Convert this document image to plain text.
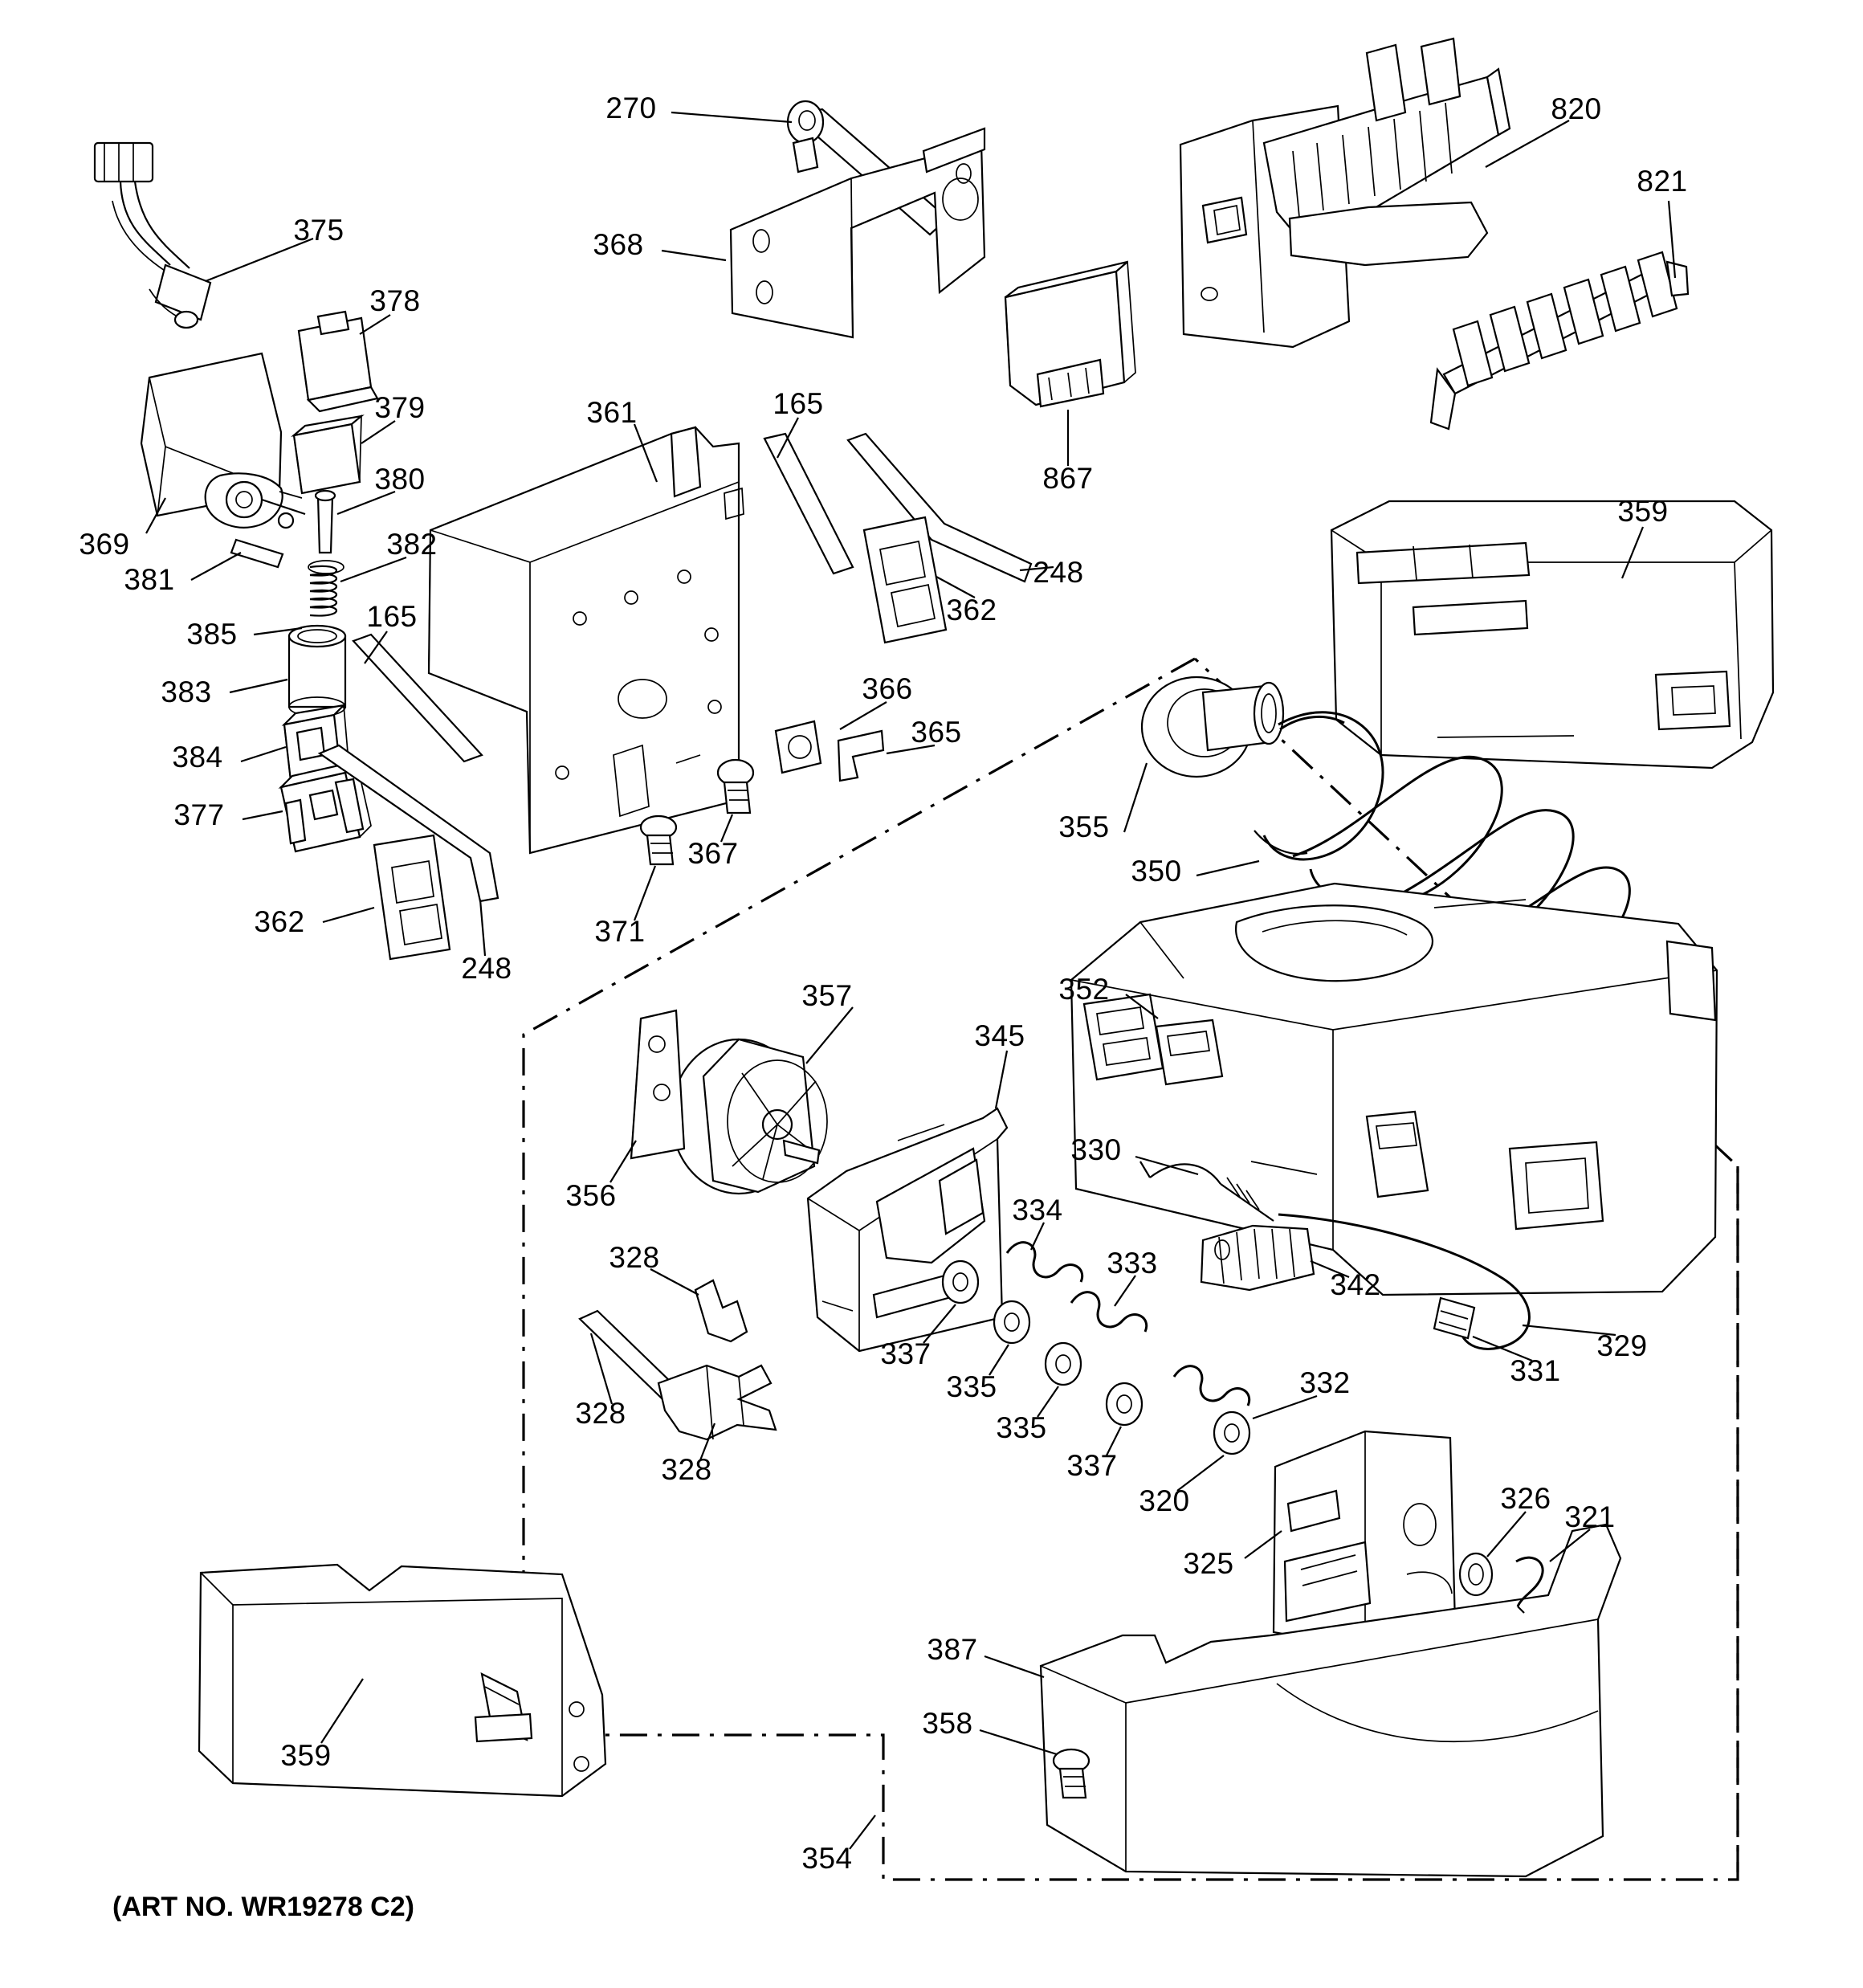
375
270
368
820
821
378
379
380
369
381
382
385
383
384
377
165
362
248
361	165
248
362
867
359
366
365
367
371
355
350
352
357
345
356
330
334
333
342
337
335
335
337
332
320
325
331
329
326
321
328
328
328
387
358
359
354
(ART NO. WR19278 C2)
